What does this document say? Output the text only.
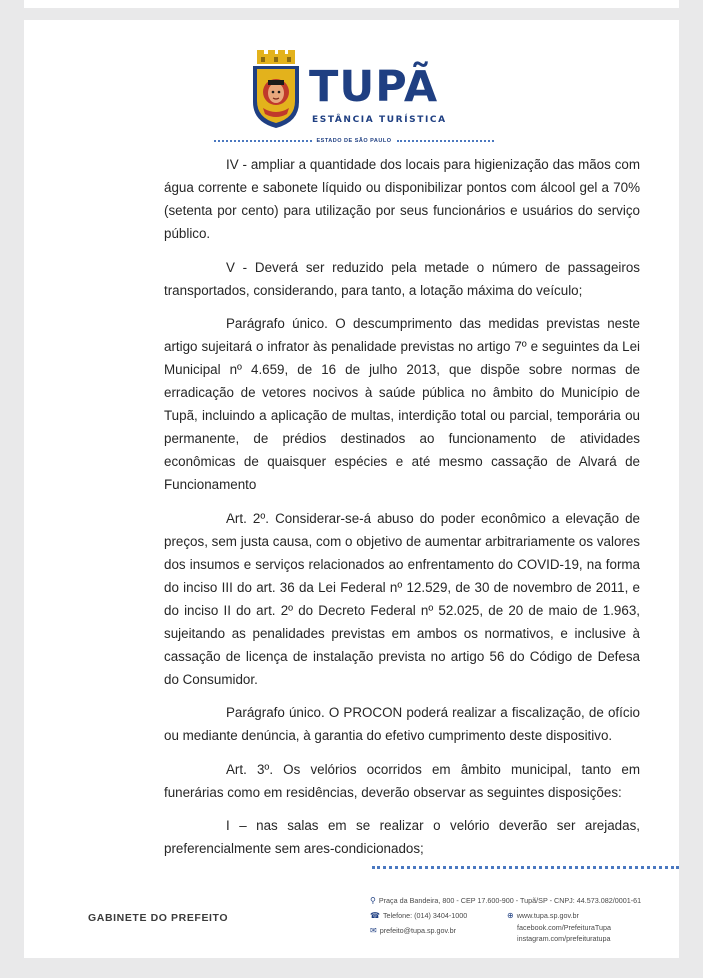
TUPÃ
ESTÂNCIA TURÍSTICA
ESTADO DE SÃO PAULO

IV - ampliar a quantidade dos locais para higienização das mãos com água corrente e sabonete líquido ou disponibilizar pontos com álcool gel a 70% (setenta por cento) para utilização por seus funcionários e usuários do serviço público.

V - Deverá ser reduzido pela metade o número de passageiros transportados, considerando, para tanto, a lotação máxima do veículo;

Parágrafo único. O descumprimento das medidas previstas neste artigo sujeitará o infrator às penalidade previstas no artigo 7º e seguintes da Lei Municipal nº 4.659, de 16 de julho 2013, que dispõe sobre normas de erradicação de vetores nocivos à saúde pública no âmbito do Município de Tupã, incluindo a aplicação de multas, interdição total ou parcial, temporária ou permanente, de prédios destinados ao funcionamento de atividades econômicas de quaisquer espécies e até mesmo cassação de Alvará de Funcionamento

Art. 2º. Considerar-se-á abuso do poder econômico a elevação de preços, sem justa causa, com o objetivo de aumentar arbitrariamente os valores dos insumos e serviços relacionados ao enfrentamento do COVID-19, na forma do inciso III do art. 36 da Lei Federal nº 12.529, de 30 de novembro de 2011, e do inciso II do art. 2º do Decreto Federal nº 52.025, de 20 de maio de 1.963, sujeitando as penalidades previstas em ambos os normativos, e inclusive à cassação de licença de instalação prevista no artigo 56 do Código de Defesa do Consumidor.

Parágrafo único. O PROCON poderá realizar a fiscalização, de ofício ou mediante denúncia, à garantia do efetivo cumprimento deste dispositivo.

Art. 3º. Os velórios ocorridos em âmbito municipal, tanto em funerárias como em residências, deverão observar as seguintes disposições:

I – nas salas em se realizar o velório deverão ser arejadas, preferencialmente sem ares-condicionados;

GABINETE DO PREFEITO
⚲ Praça da Bandeira, 800 - CEP 17.600-900 - Tupã/SP - CNPJ: 44.573.082/0001-61
☎ Telefone: (014) 3404-1000
✉ prefeito@tupa.sp.gov.br
⊕ www.tupa.sp.gov.br
facebook.com/PrefeituraTupa
instagram.com/prefeituratupa
